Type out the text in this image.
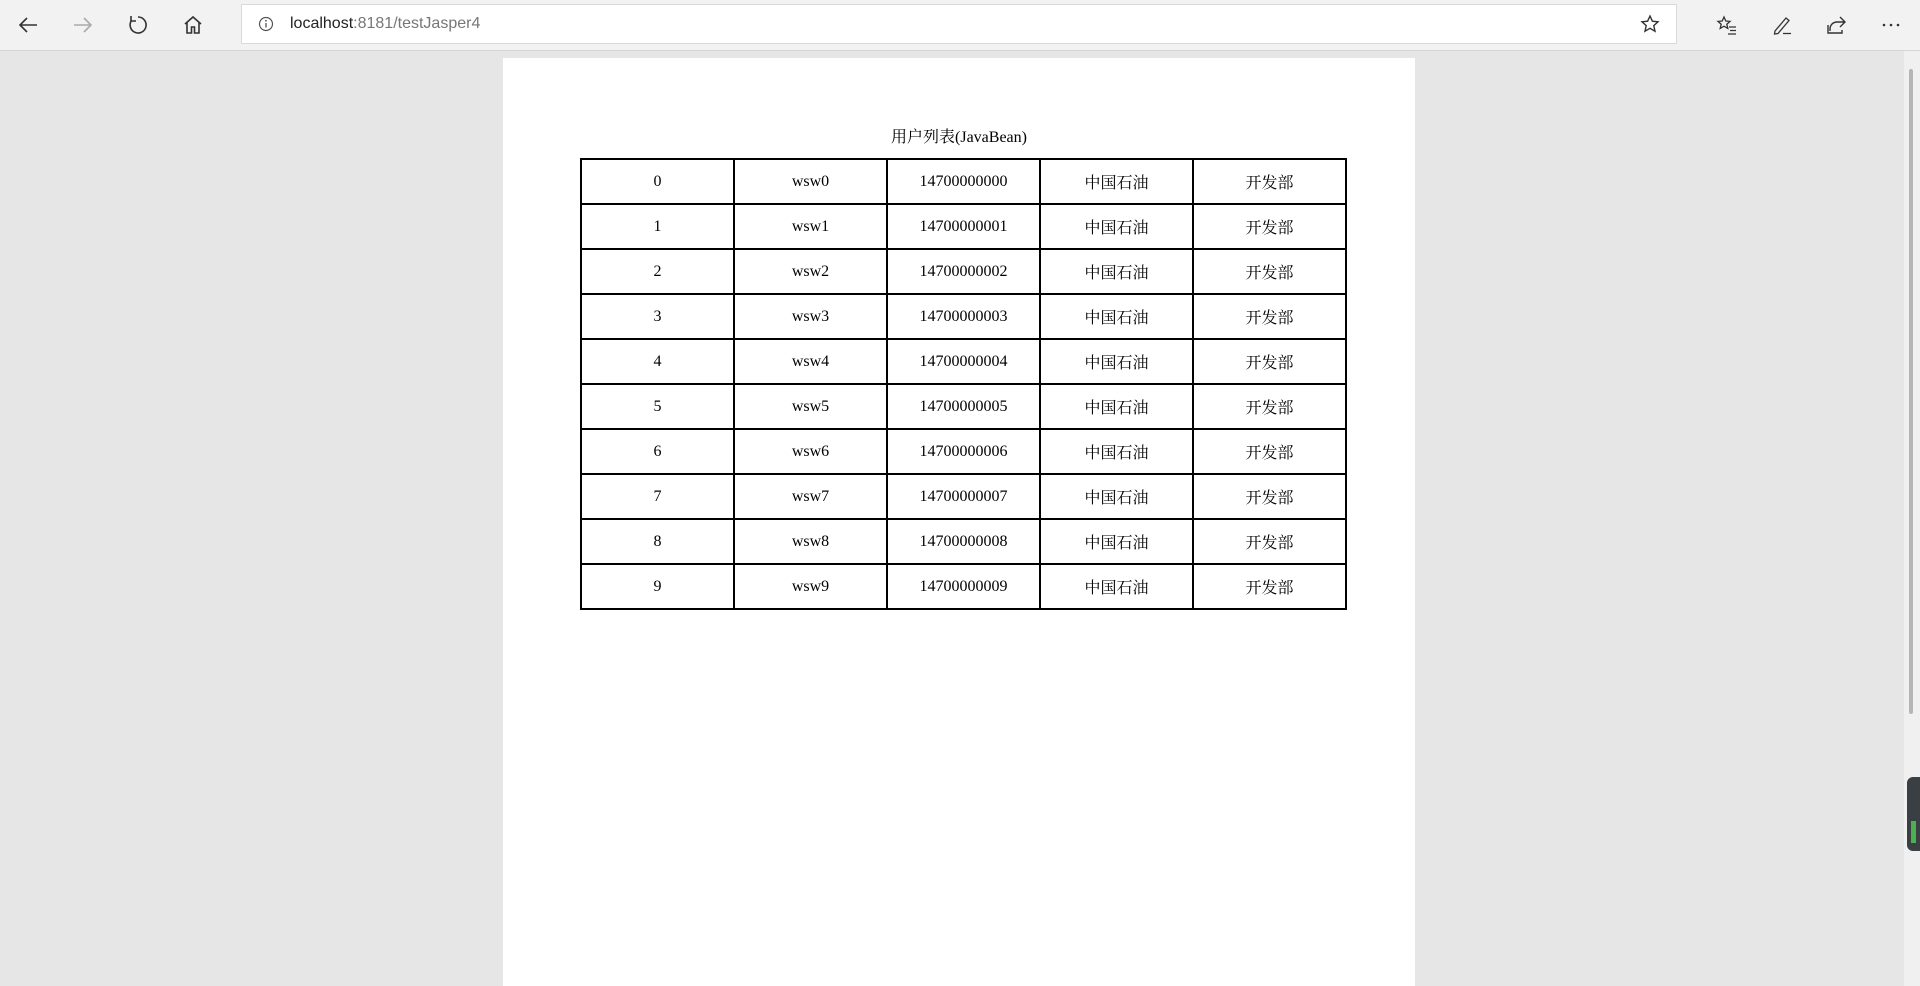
localhost:8181/testJasper4
用户列表(JavaBean)
0	wsw0	14700000000	中国石油	开发部
1	wsw1	14700000001	中国石油	开发部
2	wsw2	14700000002	中国石油	开发部
3	wsw3	14700000003	中国石油	开发部
4	wsw4	14700000004	中国石油	开发部
5	wsw5	14700000005	中国石油	开发部
6	wsw6	14700000006	中国石油	开发部
7	wsw7	14700000007	中国石油	开发部
8	wsw8	14700000008	中国石油	开发部
9	wsw9	14700000009	中国石油	开发部
